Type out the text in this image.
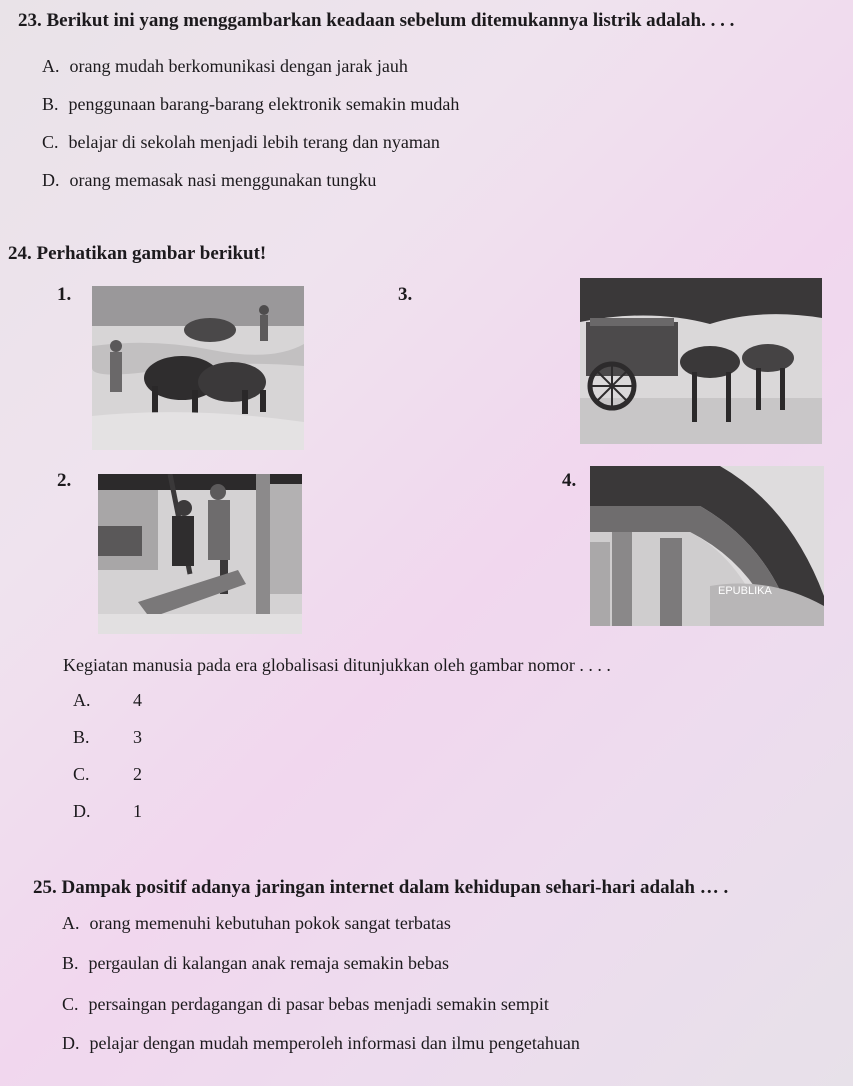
23. Berikut ini yang menggambarkan keadaan sebelum ditemukannya listrik adalah. . . .
A. orang mudah berkomunikasi dengan jarak jauh
B. penggunaan barang-barang elektronik semakin mudah
C. belajar di sekolah menjadi lebih terang dan nyaman
D. orang memasak nasi menggunakan tungku
24. Perhatikan gambar berikut!
1.	3.
2.	4.
EPUBLIKA
Kegiatan manusia pada era globalisasi ditunjukkan oleh gambar nomor . . . .
A. 4
B. 3
C. 2
D. 1
25. Dampak positif adanya jaringan internet dalam kehidupan sehari-hari adalah … .
A. orang memenuhi kebutuhan pokok sangat terbatas
B. pergaulan di kalangan anak remaja semakin bebas
C. persaingan perdagangan di pasar bebas menjadi semakin sempit
D. pelajar dengan mudah memperoleh informasi dan ilmu pengetahuan
